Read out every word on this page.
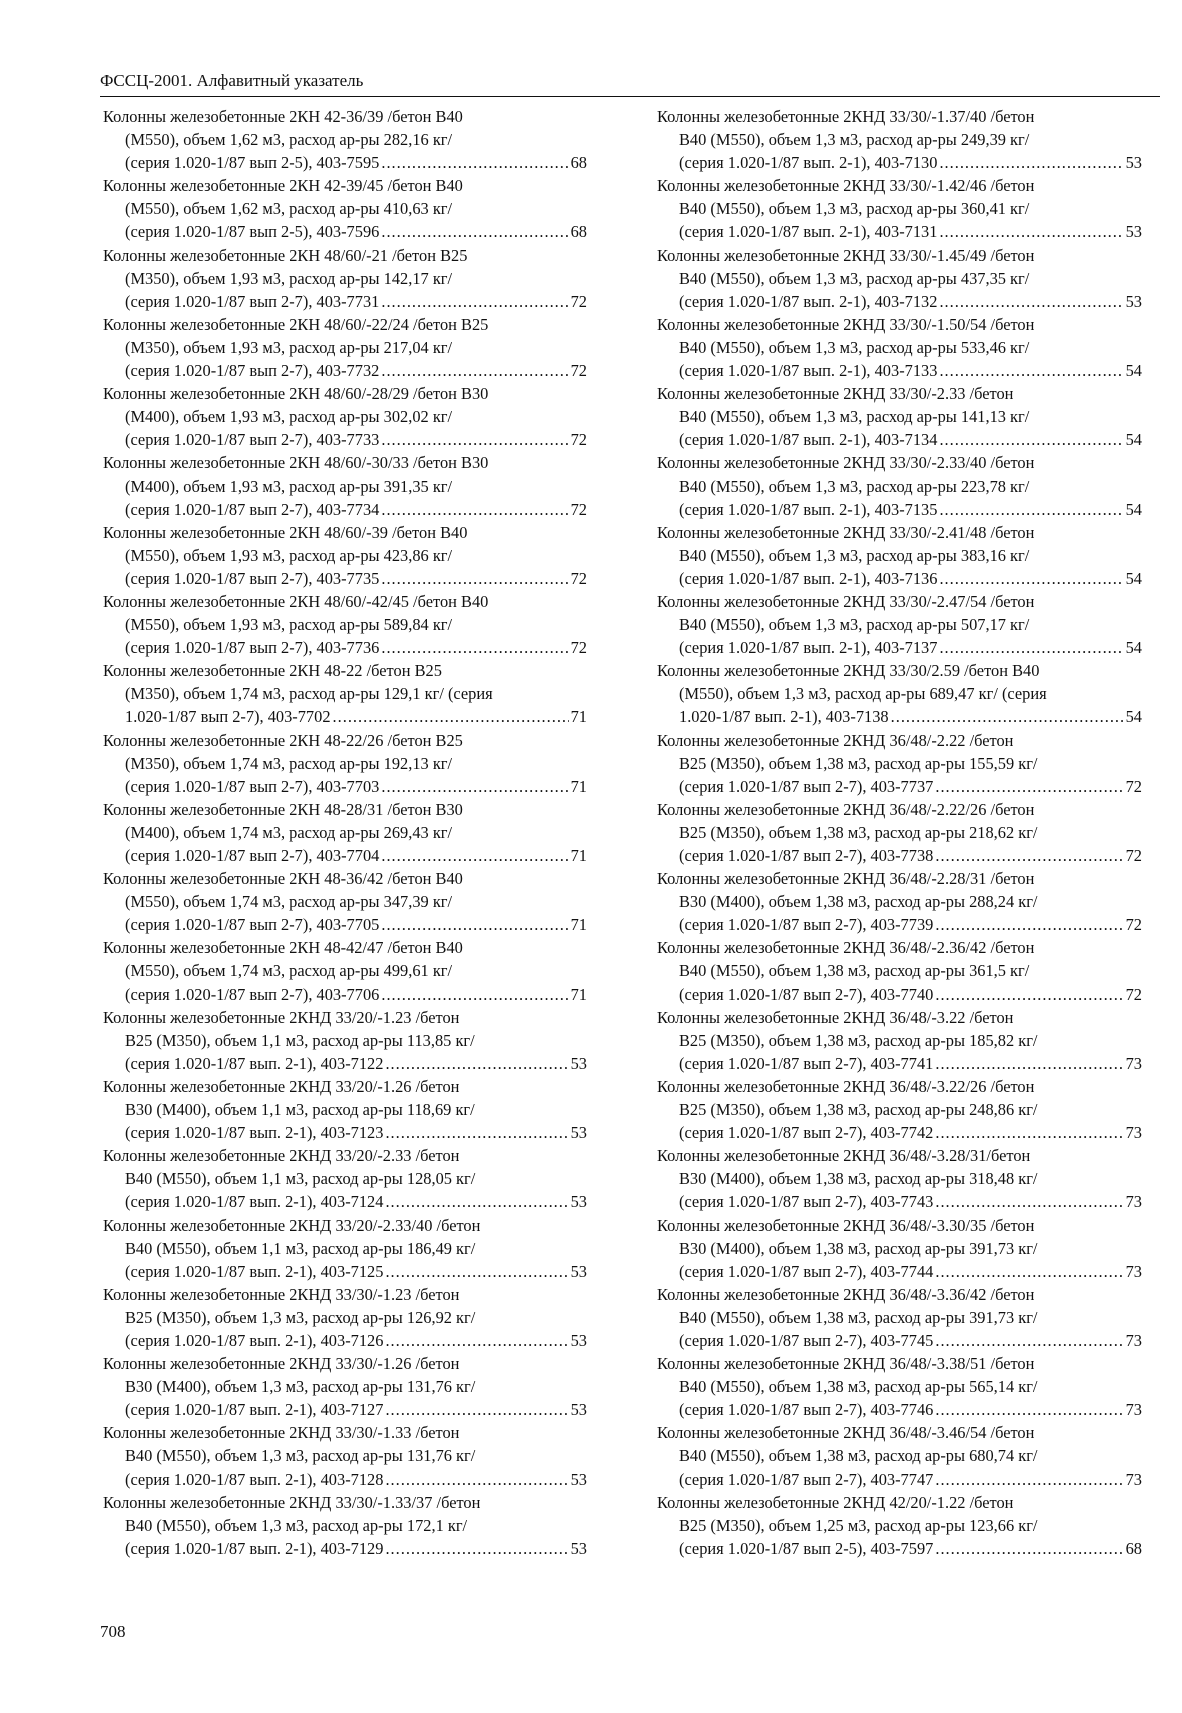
ФССЦ-2001. Алфавитный указатель
Колонны железобетонные 2КН 42-36/39 /бетон В40
(М550), объем 1,62 м3, расход ар-ры 282,16 кг/
(серия 1.020-1/87 вып 2-5), 403-7595 .....	68
Колонны железобетонные 2КН 42-39/45 /бетон В40
(М550), объем 1,62 м3, расход ар-ры 410,63 кг/
(серия 1.020-1/87 вып 2-5), 403-7596 .....	68
Колонны железобетонные 2КН 48/60/-21 /бетон В25
(М350), объем 1,93 м3, расход ар-ры 142,17 кг/
(серия 1.020-1/87 вып 2-7), 403-7731 .....	72
Колонны железобетонные 2КН 48/60/-22/24 /бетон В25
(М350), объем 1,93 м3, расход ар-ры 217,04 кг/
(серия 1.020-1/87 вып 2-7), 403-7732 .....	72
Колонны железобетонные 2КН 48/60/-28/29 /бетон В30
(М400), объем 1,93 м3, расход ар-ры 302,02 кг/
(серия 1.020-1/87 вып 2-7), 403-7733 .....	72
Колонны железобетонные 2КН 48/60/-30/33 /бетон В30
(М400), объем 1,93 м3, расход ар-ры 391,35 кг/
(серия 1.020-1/87 вып 2-7), 403-7734 .....	72
Колонны железобетонные 2КН 48/60/-39 /бетон В40
(М550), объем 1,93 м3, расход ар-ры 423,86 кг/
(серия 1.020-1/87 вып 2-7), 403-7735 .....	72
Колонны железобетонные 2КН 48/60/-42/45 /бетон В40
(М550), объем 1,93 м3, расход ар-ры 589,84 кг/
(серия 1.020-1/87 вып 2-7), 403-7736 .....	72
Колонны железобетонные 2КН 48-22 /бетон В25
(М350), объем 1,74 м3, расход ар-ры 129,1 кг/ (серия
1.020-1/87 вып 2-7), 403-7702 .....	71
Колонны железобетонные 2КН 48-22/26 /бетон В25
(М350), объем 1,74 м3, расход ар-ры 192,13 кг/
(серия 1.020-1/87 вып 2-7), 403-7703 .....	71
Колонны железобетонные 2КН 48-28/31 /бетон В30
(М400), объем 1,74 м3, расход ар-ры 269,43 кг/
(серия 1.020-1/87 вып 2-7), 403-7704 .....	71
Колонны железобетонные 2КН 48-36/42 /бетон В40
(М550), объем 1,74 м3, расход ар-ры 347,39 кг/
(серия 1.020-1/87 вып 2-7), 403-7705 .....	71
Колонны железобетонные 2КН 48-42/47 /бетон В40
(М550), объем 1,74 м3, расход ар-ры 499,61 кг/
(серия 1.020-1/87 вып 2-7), 403-7706 .....	71
Колонны железобетонные 2КНД 33/20/-1.23 /бетон
В25 (М350), объем 1,1 м3, расход ар-ры 113,85 кг/
(серия 1.020-1/87 вып. 2-1), 403-7122 .....	53
Колонны железобетонные 2КНД 33/20/-1.26 /бетон
В30 (М400), объем 1,1 м3, расход ар-ры 118,69 кг/
(серия 1.020-1/87 вып. 2-1), 403-7123 .....	53
Колонны железобетонные 2КНД 33/20/-2.33 /бетон
В40 (М550), объем 1,1 м3, расход ар-ры 128,05 кг/
(серия 1.020-1/87 вып. 2-1), 403-7124 .....	53
Колонны железобетонные 2КНД 33/20/-2.33/40 /бетон
В40 (М550), объем 1,1 м3, расход ар-ры 186,49 кг/
(серия 1.020-1/87 вып. 2-1), 403-7125 .....	53
Колонны железобетонные 2КНД 33/30/-1.23 /бетон
В25 (М350), объем 1,3 м3, расход ар-ры 126,92 кг/
(серия 1.020-1/87 вып. 2-1), 403-7126 .....	53
Колонны железобетонные 2КНД 33/30/-1.26 /бетон
В30 (М400), объем 1,3 м3, расход ар-ры 131,76 кг/
(серия 1.020-1/87 вып. 2-1), 403-7127 .....	53
Колонны железобетонные 2КНД 33/30/-1.33 /бетон
В40 (М550), объем 1,3 м3, расход ар-ры 131,76 кг/
(серия 1.020-1/87 вып. 2-1), 403-7128 .....	53
Колонны железобетонные 2КНД 33/30/-1.33/37 /бетон
В40 (М550), объем 1,3 м3, расход ар-ры 172,1 кг/
(серия 1.020-1/87 вып. 2-1), 403-7129 .....	53
Колонны железобетонные 2КНД 33/30/-1.37/40 /бетон
В40 (М550), объем 1,3 м3, расход ар-ры 249,39 кг/
(серия 1.020-1/87 вып. 2-1), 403-7130 .....	53
Колонны железобетонные 2КНД 33/30/-1.42/46 /бетон
В40 (М550), объем 1,3 м3, расход ар-ры 360,41 кг/
(серия 1.020-1/87 вып. 2-1), 403-7131 .....	53
Колонны железобетонные 2КНД 33/30/-1.45/49 /бетон
В40 (М550), объем 1,3 м3, расход ар-ры 437,35 кг/
(серия 1.020-1/87 вып. 2-1), 403-7132 .....	53
Колонны железобетонные 2КНД 33/30/-1.50/54 /бетон
В40 (М550), объем 1,3 м3, расход ар-ры 533,46 кг/
(серия 1.020-1/87 вып. 2-1), 403-7133 .....	54
Колонны железобетонные 2КНД 33/30/-2.33 /бетон
В40 (М550), объем 1,3 м3, расход ар-ры 141,13 кг/
(серия 1.020-1/87 вып. 2-1), 403-7134 .....	54
Колонны железобетонные 2КНД 33/30/-2.33/40 /бетон
В40 (М550), объем 1,3 м3, расход ар-ры 223,78 кг/
(серия 1.020-1/87 вып. 2-1), 403-7135 .....	54
Колонны железобетонные 2КНД 33/30/-2.41/48 /бетон
В40 (М550), объем 1,3 м3, расход ар-ры 383,16 кг/
(серия 1.020-1/87 вып. 2-1), 403-7136 .....	54
Колонны железобетонные 2КНД 33/30/-2.47/54 /бетон
В40 (М550), объем 1,3 м3, расход ар-ры 507,17 кг/
(серия 1.020-1/87 вып. 2-1), 403-7137 .....	54
Колонны железобетонные 2КНД 33/30/2.59 /бетон В40
(М550), объем 1,3 м3, расход ар-ры 689,47 кг/ (серия
1.020-1/87 вып. 2-1), 403-7138 .....	54
Колонны железобетонные 2КНД 36/48/-2.22 /бетон
В25 (М350), объем 1,38 м3, расход ар-ры 155,59 кг/
(серия 1.020-1/87 вып 2-7), 403-7737 .....	72
Колонны железобетонные 2КНД 36/48/-2.22/26 /бетон
В25 (М350), объем 1,38 м3, расход ар-ры 218,62 кг/
(серия 1.020-1/87 вып 2-7), 403-7738 .....	72
Колонны железобетонные 2КНД 36/48/-2.28/31 /бетон
В30 (М400), объем 1,38 м3, расход ар-ры 288,24 кг/
(серия 1.020-1/87 вып 2-7), 403-7739 .....	72
Колонны железобетонные 2КНД 36/48/-2.36/42 /бетон
В40 (М550), объем 1,38 м3, расход ар-ры 361,5 кг/
(серия 1.020-1/87 вып 2-7), 403-7740 .....	72
Колонны железобетонные 2КНД 36/48/-3.22 /бетон
В25 (М350), объем 1,38 м3, расход ар-ры 185,82 кг/
(серия 1.020-1/87 вып 2-7), 403-7741 .....	73
Колонны железобетонные 2КНД 36/48/-3.22/26 /бетон
В25 (М350), объем 1,38 м3, расход ар-ры 248,86 кг/
(серия 1.020-1/87 вып 2-7), 403-7742 .....	73
Колонны железобетонные 2КНД 36/48/-3.28/31/бетон
В30 (М400), объем 1,38 м3, расход ар-ры 318,48 кг/
(серия 1.020-1/87 вып 2-7), 403-7743 .....	73
Колонны железобетонные 2КНД 36/48/-3.30/35 /бетон
В30 (М400), объем 1,38 м3, расход ар-ры 391,73 кг/
(серия 1.020-1/87 вып 2-7), 403-7744 .....	73
Колонны железобетонные 2КНД 36/48/-3.36/42 /бетон
В40 (М550), объем 1,38 м3, расход ар-ры 391,73 кг/
(серия 1.020-1/87 вып 2-7), 403-7745 .....	73
Колонны железобетонные 2КНД 36/48/-3.38/51 /бетон
В40 (М550), объем 1,38 м3, расход ар-ры 565,14 кг/
(серия 1.020-1/87 вып 2-7), 403-7746 .....	73
Колонны железобетонные 2КНД 36/48/-3.46/54 /бетон
В40 (М550), объем 1,38 м3, расход ар-ры 680,74 кг/
(серия 1.020-1/87 вып 2-7), 403-7747 .....	73
Колонны железобетонные 2КНД 42/20/-1.22 /бетон
В25 (М350), объем 1,25 м3, расход ар-ры 123,66 кг/
(серия 1.020-1/87 вып 2-5), 403-7597 .....	68
708
